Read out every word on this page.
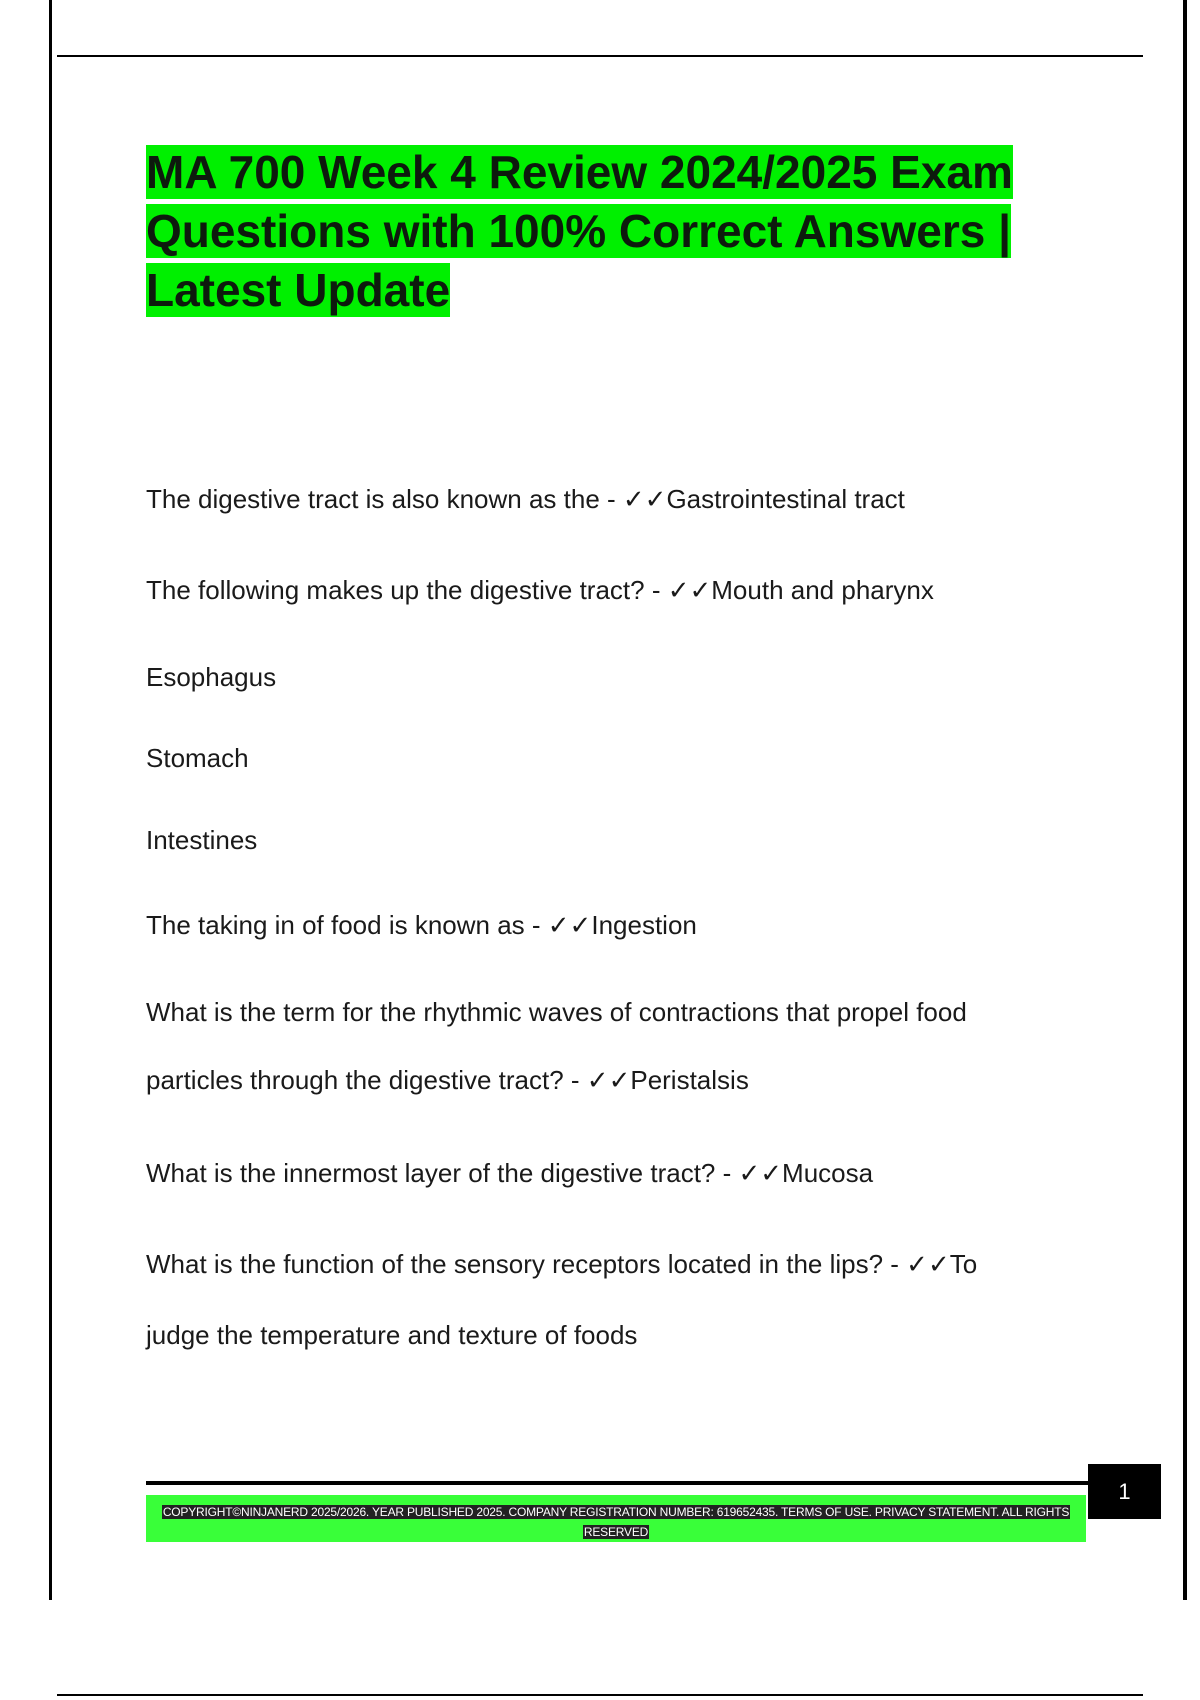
MA 700 Week 4 Review 2024/2025 Exam Questions with 100% Correct Answers | Latest Update
The digestive tract is also known as the - ✓✓Gastrointestinal tract
The following makes up the digestive tract? - ✓✓Mouth and pharynx
Esophagus
Stomach
Intestines
The taking in of food is known as - ✓✓Ingestion
What is the term for the rhythmic waves of contractions that propel food
particles through the digestive tract? - ✓✓Peristalsis
What is the innermost layer of the digestive tract? - ✓✓Mucosa
What is the function of the sensory receptors located in the lips? - ✓✓To
judge the temperature and texture of foods
1
COPYRIGHT©NINJANERD 2025/2026. YEAR PUBLISHED 2025. COMPANY REGISTRATION NUMBER: 619652435. TERMS OF USE. PRIVACY STATEMENT. ALL RIGHTS RESERVED
